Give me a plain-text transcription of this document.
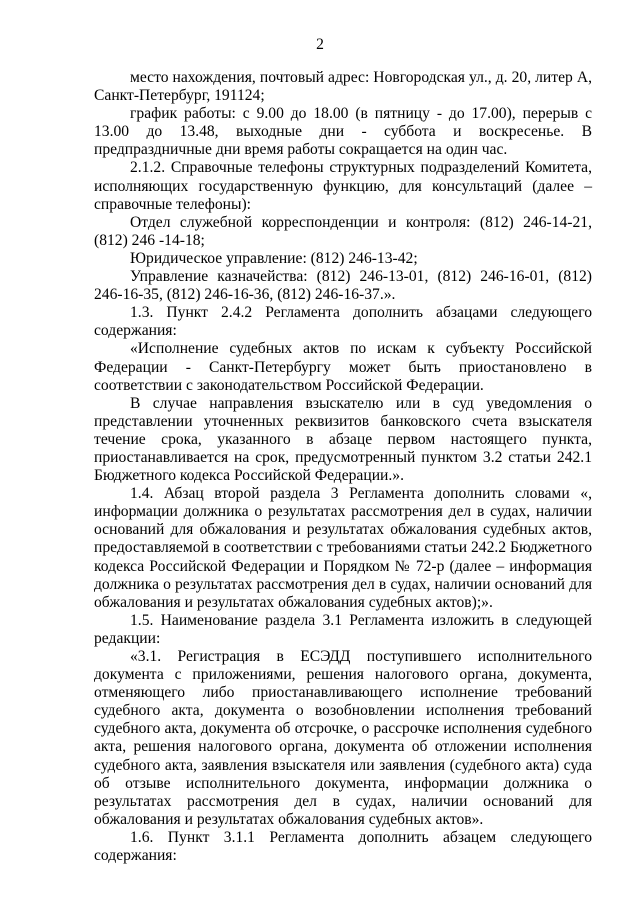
2

место нахождения, почтовый адрес: Новгородская ул., д. 20, литер А, Санкт-Петербург, 191124;

график работы: с 9.00 до 18.00 (в пятницу - до 17.00), перерыв с 13.00 до 13.48, выходные дни - суббота и воскресенье. В предпраздничные дни время работы сокращается на один час.

2.1.2. Справочные телефоны структурных подразделений Комитета, исполняющих государственную функцию, для консультаций (далее – справочные телефоны):

Отдел служебной корреспонденции и контроля: (812) 246-14-21, (812) 246 -14-18;

Юридическое управление: (812) 246-13-42;

Управление казначейства: (812) 246-13-01, (812) 246-16-01, (812) 246-16-35, (812) 246-16-36, (812) 246-16-37.».

1.3. Пункт 2.4.2 Регламента дополнить абзацами следующего содержания:

«Исполнение судебных актов по искам к субъекту Российской Федерации - Санкт-Петербургу может быть приостановлено в соответствии с законодательством Российской Федерации.

В случае направления взыскателю или в суд уведомления о представлении уточненных реквизитов банковского счета взыскателя течение срока, указанного в абзаце первом настоящего пункта, приостанавливается на срок, предусмотренный пунктом 3.2 статьи 242.1 Бюджетного кодекса Российской Федерации.».

1.4. Абзац второй раздела 3 Регламента дополнить словами «, информации должника о результатах рассмотрения дел в судах, наличии оснований для обжалования и результатах обжалования судебных актов, предоставляемой в соответствии с требованиями статьи 242.2 Бюджетного кодекса Российской Федерации и Порядком № 72-р (далее – информация должника о результатах рассмотрения дел в судах, наличии оснований для обжалования и результатах обжалования судебных актов);».

1.5. Наименование раздела 3.1 Регламента изложить в следующей редакции:

«3.1. Регистрация в ЕСЭДД поступившего исполнительного документа с приложениями, решения налогового органа, документа, отменяющего либо приостанавливающего исполнение требований судебного акта, документа о возобновлении исполнения требований судебного акта, документа об отсрочке, о рассрочке исполнения судебного акта, решения налогового органа, документа об отложении исполнения судебного акта, заявления взыскателя или заявления (судебного акта) суда об отзыве исполнительного документа, информации должника о результатах рассмотрения дел в судах, наличии оснований для обжалования и результатах обжалования судебных актов».

1.6. Пункт 3.1.1 Регламента дополнить абзацем следующего содержания:
